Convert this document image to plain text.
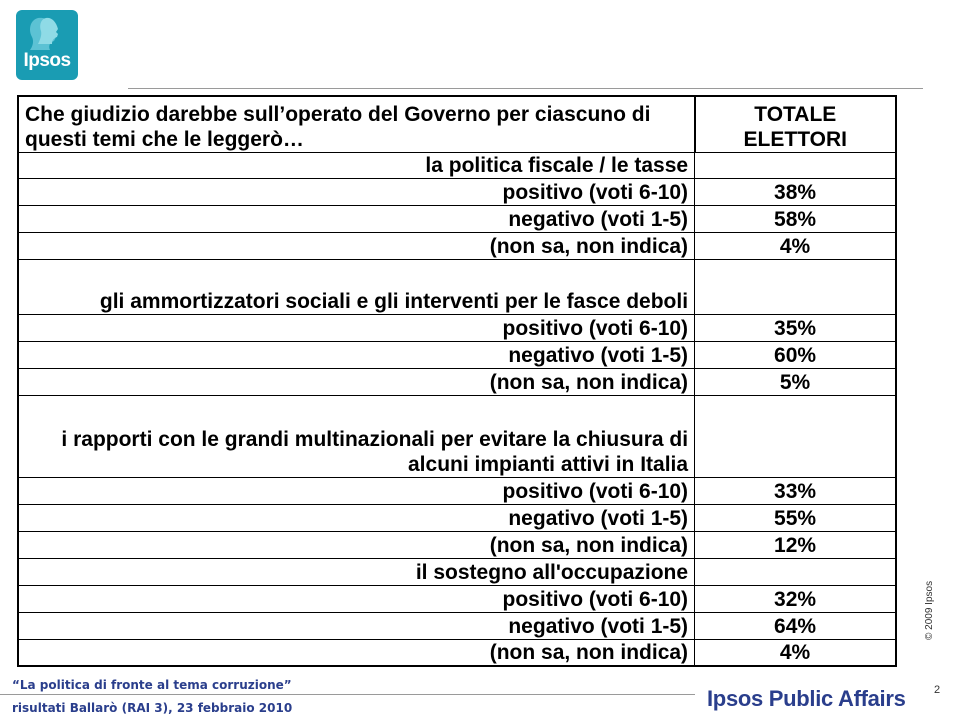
Ipsos
Che giudizio darebbe sull’operato del Governo per ciascuno di questi temi che le leggerò…	TOTALE ELETTORI
la politica fiscale / le tasse	
positivo (voti 6-10)	38%
negativo (voti 1-5)	58%
(non sa, non indica)	4%
gli ammortizzatori sociali e gli interventi per le fasce deboli	
positivo (voti 6-10)	35%
negativo (voti 1-5)	60%
(non sa, non indica)	5%
i rapporti con le grandi multinazionali per evitare la chiusura di alcuni impianti attivi in Italia	
positivo (voti 6-10)	33%
negativo (voti 1-5)	55%
(non sa, non indica)	12%
il sostegno all'occupazione	
positivo (voti 6-10)	32%
negativo (voti 1-5)	64%
(non sa, non indica)	4%
© 2009 Ipsos
2
“La politica di fronte al tema corruzione”
risultati Ballarò (RAI 3), 23 febbraio 2010	Ipsos Public Affairs
